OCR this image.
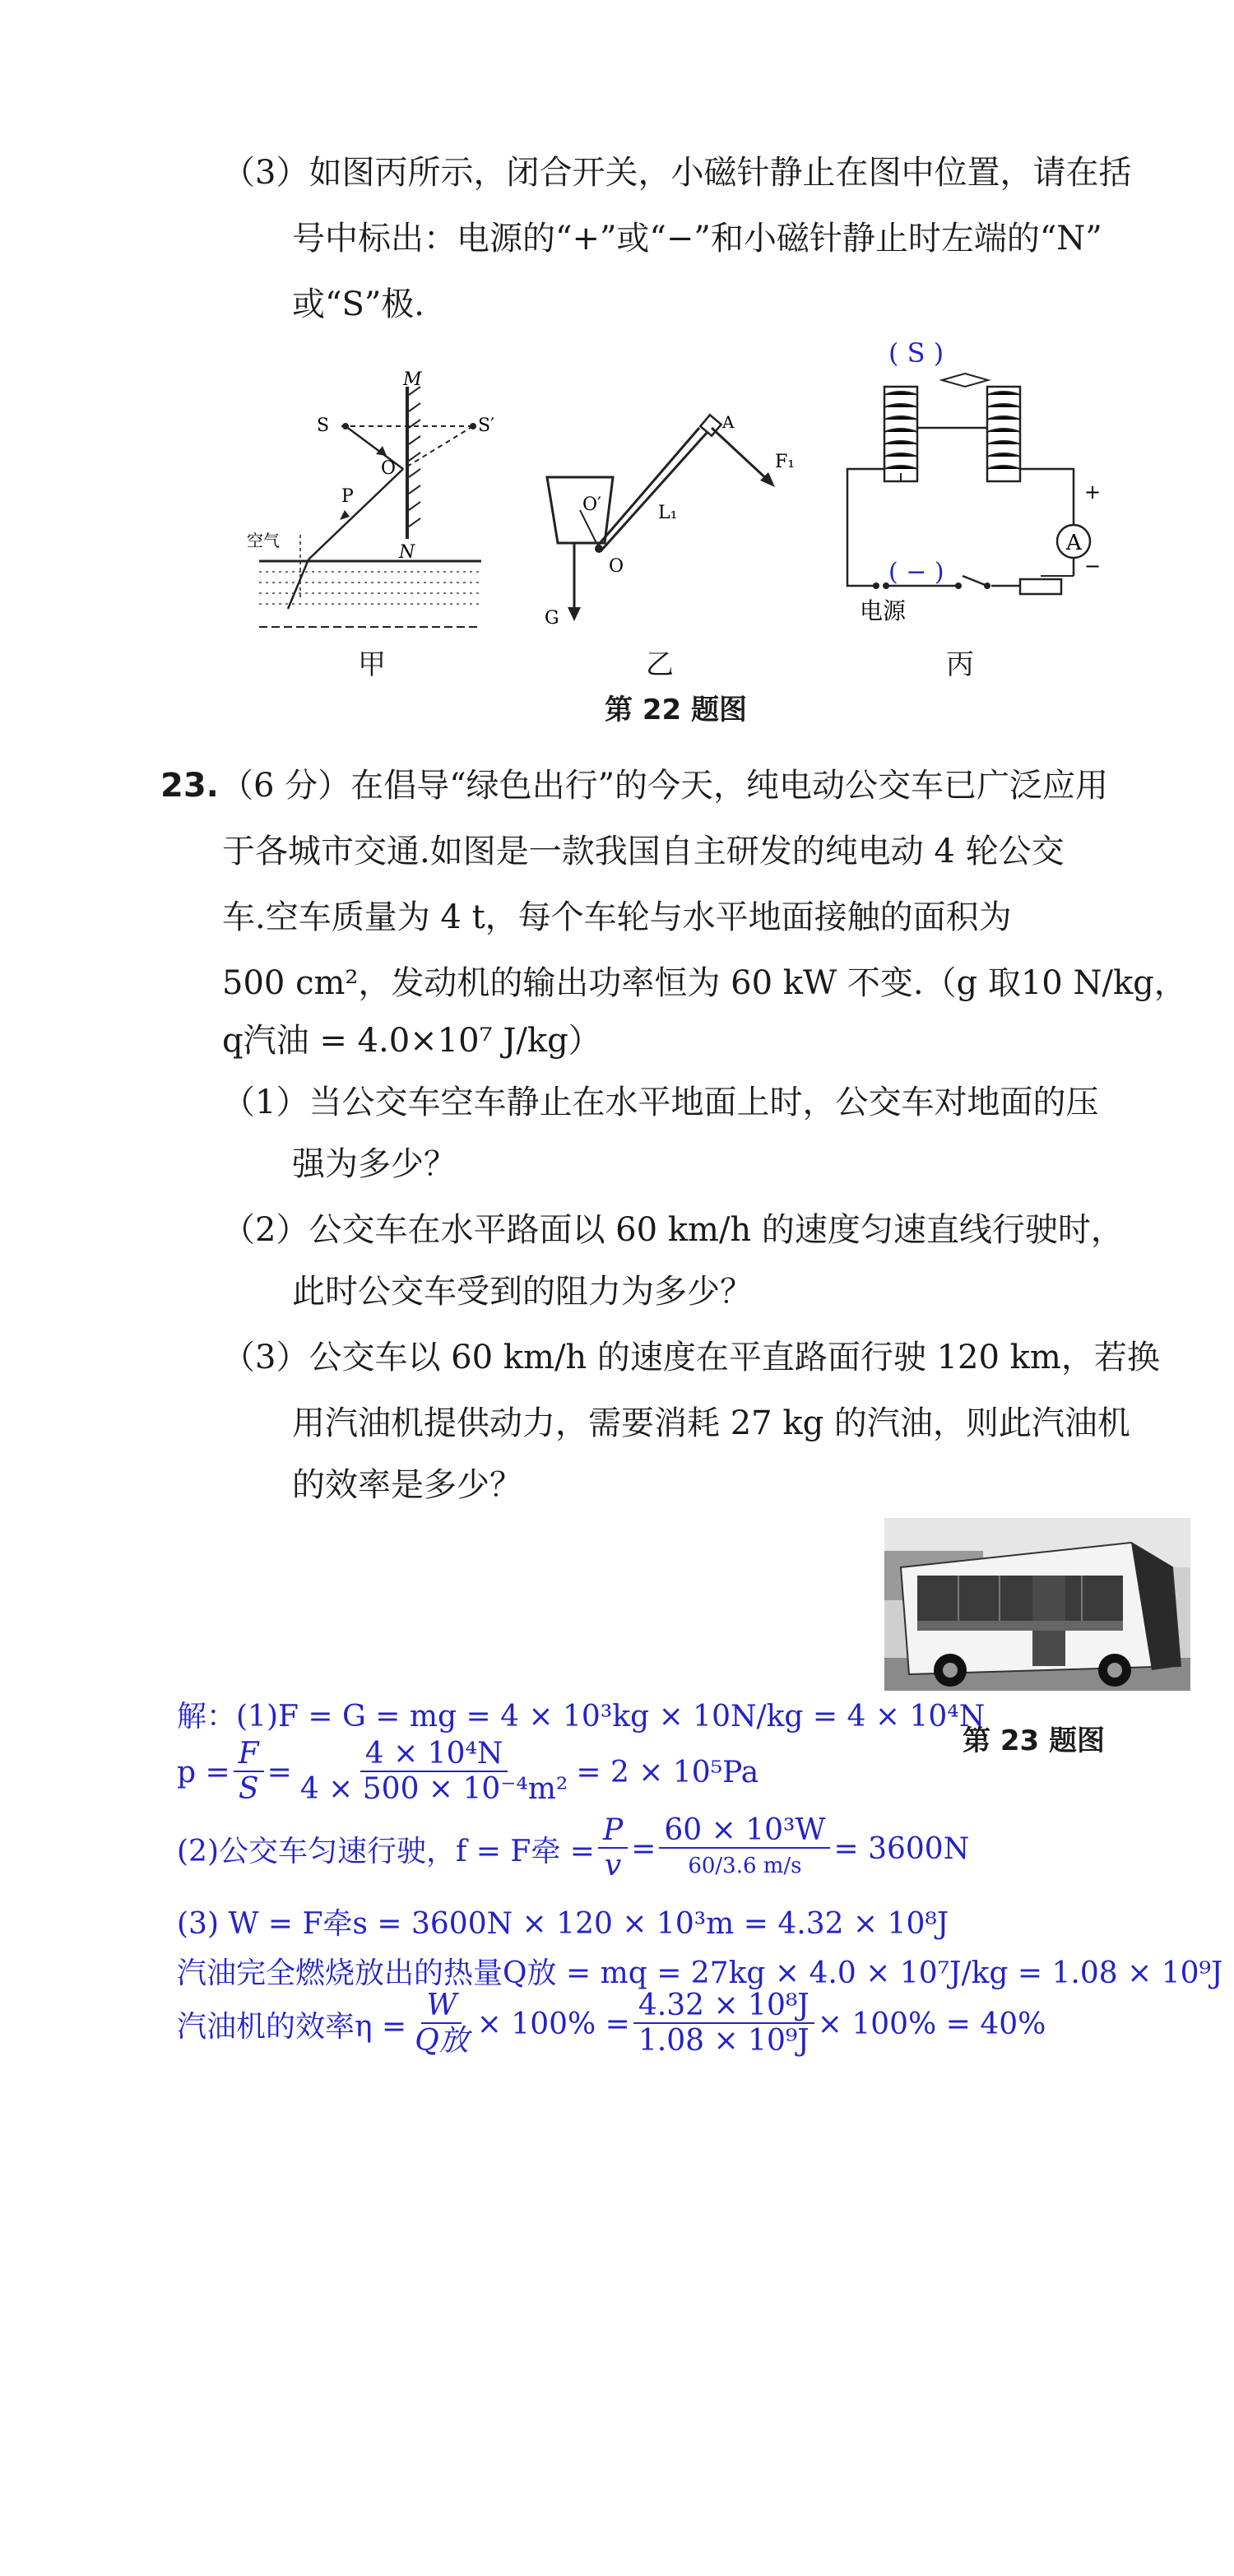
（3）如图丙所示，闭合开关，小磁针静止在图中位置，请在括
号中标出：电源的“+”或“−”和小磁针静止时左端的“N”
或“S”极.
S	S′
M
N
O
P
空气
甲
O′
O
L₁
A
F₁
G
乙
( S )
A
+
−
( − )
电源
丙
第 22 题图
23. （6 分）在倡导“绿色出行”的今天，纯电动公交车已广泛应用
于各城市交通.如图是一款我国自主研发的纯电动 4 轮公交
车.空车质量为 4 t，每个车轮与水平地面接触的面积为
500 cm²，发动机的输出功率恒为 60 kW 不变.（g 取10 N/kg，
q汽油 = 4.0×10⁷ J/kg）
（1）当公交车空车静止在水平地面上时，公交车对地面的压
强为多少？
（2）公交车在水平路面以 60 km/h 的速度匀速直线行驶时，
此时公交车受到的阻力为多少？
（3）公交车以 60 km/h 的速度在平直路面行驶 120 km，若换
用汽油机提供动力，需要消耗 27 kg 的汽油，则此汽油机
的效率是多少？
第 23 题图
解：(1)F = G = mg = 4 × 10³kg × 10N/kg = 4 × 10⁴N
$p = \frac{F}{S} = \frac{\text{4 × 10⁴N}}{\text{4 × 500 × 10⁻⁴m²}} = 2 \times 10^5Pa$
(2)公交车匀速行驶，f = F牵 = $\frac{P}{v} = \frac{\text{60 × 10³W}}{60/3.6 m/s} = 3600N$
(3) W = F牵s = 3600N × 120 × 10³m = 4.32 × 10⁸J
汽油完全燃烧放出的热量Q放 = mq = 27kg × 4.0 × 10⁷J/kg = 1.08 × 10⁹J
汽油机的效率$\eta = \frac{W}{\text{Q放}} \times 100\% = \frac{\text{4.32 × 10⁸J}}{\text{1.08 × 10⁹J}} \times 100\% = 40\%$
